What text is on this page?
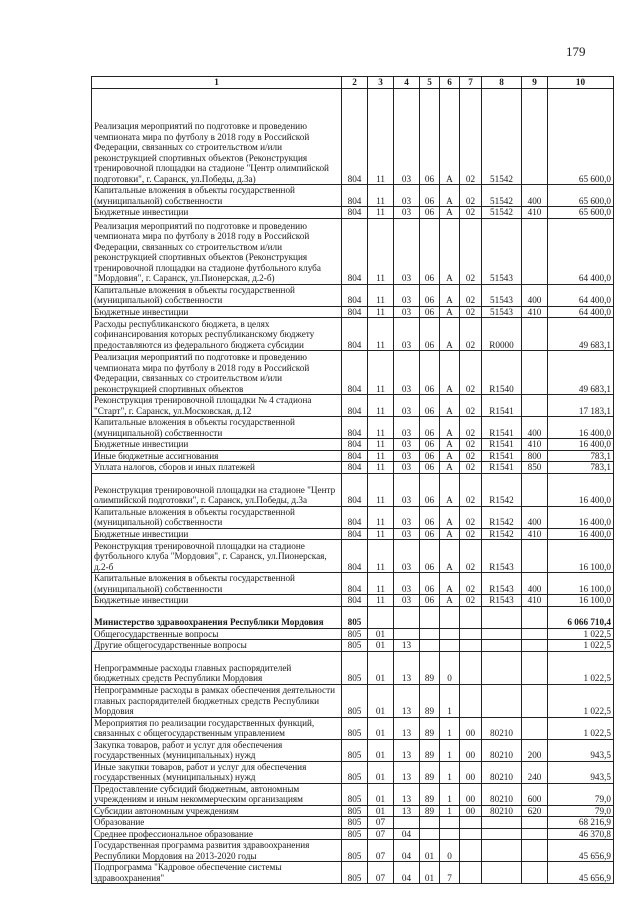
179
1	2	3	4	5	6	7	8	9	10
Реализация мероприятий по подготовке и проведению чемпионата мира по футболу в 2018 году в Российской Федерации, связанных со строительством и/или реконструкцией спортивных объектов (Реконструкция тренировочной площадки на стадионе "Центр олимпийской подготовки", г. Саранск, ул.Победы, д.3а)	804	11	03	06	А	02	51542		65 600,0
Капитальные вложения в объекты государственной (муниципальной) собственности	804	11	03	06	А	02	51542	400	65 600,0
Бюджетные инвестиции	804	11	03	06	А	02	51542	410	65 600,0
Реализация мероприятий по подготовке и проведению чемпионата мира по футболу в 2018 году в Российской Федерации, связанных со строительством и/или реконструкцией спортивных объектов (Реконструкция тренировочной площадки на стадионе футбольного клуба "Мордовия", г. Саранск, ул.Пионерская, д.2-б)	804	11	03	06	А	02	51543		64 400,0
Капитальные вложения в объекты государственной (муниципальной) собственности	804	11	03	06	А	02	51543	400	64 400,0
Бюджетные инвестиции	804	11	03	06	А	02	51543	410	64 400,0
Расходы республиканского бюджета, в целях софинансирования которых республиканскому бюджету предоставляются из федерального бюджета субсидии	804	11	03	06	А	02	R0000		49 683,1
Реализация мероприятий по подготовке и проведению чемпионата мира по футболу в 2018 году в Российской Федерации, связанных со строительством и/или реконструкцией спортивных объектов	804	11	03	06	А	02	R1540		49 683,1
Реконструкция тренировочной площадки № 4 стадиона "Старт", г. Саранск, ул.Московская, д.12	804	11	03	06	А	02	R1541		17 183,1
Капитальные вложения в объекты государственной (муниципальной) собственности	804	11	03	06	А	02	R1541	400	16 400,0
Бюджетные инвестиции	804	11	03	06	А	02	R1541	410	16 400,0
Иные бюджетные ассигнования	804	11	03	06	А	02	R1541	800	783,1
Уплата налогов, сборов и иных платежей	804	11	03	06	А	02	R1541	850	783,1
Реконструкция тренировочной площадки на стадионе "Центр олимпийской подготовки", г. Саранск, ул.Победы, д.3а	804	11	03	06	А	02	R1542		16 400,0
Капитальные вложения в объекты государственной (муниципальной) собственности	804	11	03	06	А	02	R1542	400	16 400,0
Бюджетные инвестиции	804	11	03	06	А	02	R1542	410	16 400,0
Реконструкция тренировочной площадки на стадионе футбольного клуба "Мордовия", г. Саранск, ул.Пионерская, д.2-б	804	11	03	06	А	02	R1543		16 100,0
Капитальные вложения в объекты государственной (муниципальной) собственности	804	11	03	06	А	02	R1543	400	16 100,0
Бюджетные инвестиции	804	11	03	06	А	02	R1543	410	16 100,0
Министерство здравоохранения Республики Мордовия	805								6 066 710,4
Общегосударственные вопросы	805	01							1 022,5
Другие общегосударственные вопросы	805	01	13						1 022,5
Непрограммные расходы главных распорядителей бюджетных средств Республики Мордовия	805	01	13	89	0				1 022,5
Непрограммные расходы в рамках обеспечения деятельности главных распорядителей бюджетных средств Республики Мордовия	805	01	13	89	1				1 022,5
Мероприятия по реализации государственных функций, связанных с общегосударственным управлением	805	01	13	89	1	00	80210		1 022,5
Закупка товаров, работ и услуг для обеспечения государственных (муниципальных) нужд	805	01	13	89	1	00	80210	200	943,5
Иные закупки товаров, работ и услуг для обеспечения государственных (муниципальных) нужд	805	01	13	89	1	00	80210	240	943,5
Предоставление субсидий бюджетным, автономным учреждениям и иным некоммерческим организациям	805	01	13	89	1	00	80210	600	79,0
Субсидии автономным учреждениям	805	01	13	89	1	00	80210	620	79,0
Образование	805	07							68 216,9
Среднее профессиональное образование	805	07	04						46 370,8
Государственная программа развития здравоохранения Республики Мордовия на 2013-2020 годы	805	07	04	01	0				45 656,9
Подпрограмма "Кадровое обеспечение системы здравоохранения"	805	07	04	01	7				45 656,9
